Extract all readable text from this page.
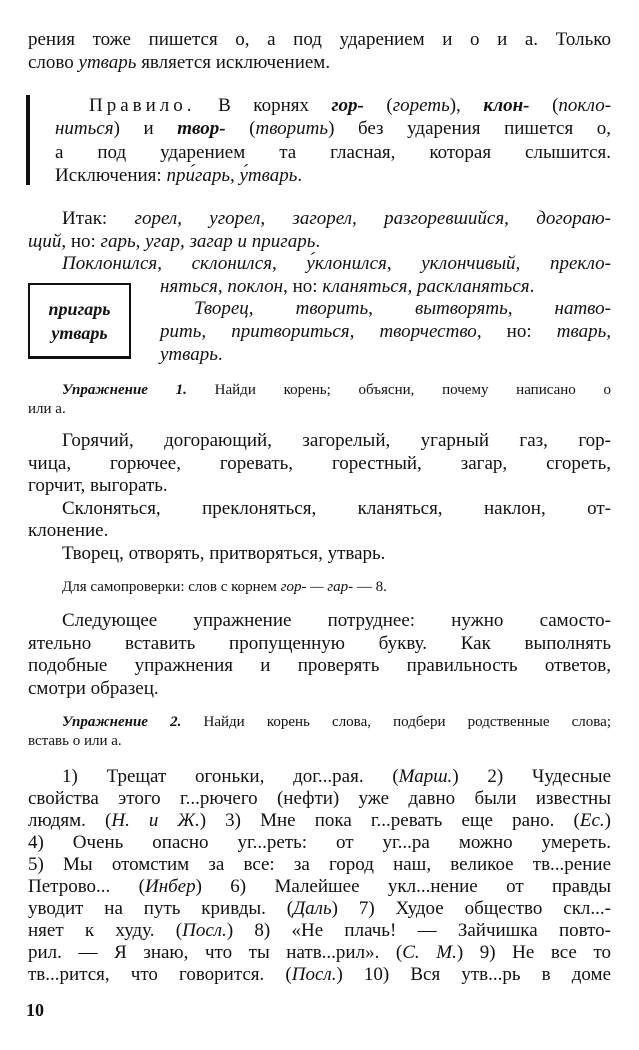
рения тоже пишется о, а под ударением и о и а. Только
слово утварь является исключением.
Правило. В корнях гор- (гореть), клон- (покло-
ниться) и твор- (творить) без ударения пишется о,
а под ударением та гласная, которая слышится.
Исключения: при́гарь, у́тварь.
Итак: горел, угорел, загорел, разгоревшийся, догораю-
щий, но: гарь, угар, загар и пригарь.
Поклонился, склонился, у́клонился, уклончивый, прекло-
няться, поклон, но: кланяться, раскланяться.
Творец, творить, вытворять, натво-
рить, притвориться, творчество, но: тварь,
утварь.
пригарь
утварь
Упражнение 1. Найди корень; объясни, почему написано о
или а.
Горячий, догорающий, загорелый, угарный газ, гор-
чица, горючее, горевать, горестный, загар, сгореть,
горчит, выгорать.
Склоняться, преклоняться, кланяться, наклон, от-
клонение.
Творец, отворять, притворяться, утварь.
Для самопроверки: слов с корнем гор- — гар- — 8.
Следующее упражнение потруднее: нужно самосто-
ятельно вставить пропущенную букву. Как выполнять
подобные упражнения и проверять правильность ответов,
смотри образец.
Упражнение 2. Найди корень слова, подбери родственные слова;
вставь о или а.
1) Трещат огоньки, дог...рая. (Марш.) 2) Чудесные
свойства этого г...рючего (нефти) уже давно были известны
людям. (Н. и Ж.) 3) Мне пока г...ревать еще рано. (Ес.)
4) Очень опасно уг...реть: от уг...ра можно умереть.
5) Мы отомстим за все: за город наш, великое тв...рение
Петрово... (Инбер) 6) Малейшее укл...нение от правды
уводит на путь кривды. (Даль) 7) Худое общество скл...-
няет к худу. (Посл.) 8) «Не плачь! — Зайчишка повто-
рил. — Я знаю, что ты натв...рил». (С. М.) 9) Не все то
тв...рится, что говорится. (Посл.) 10) Вся утв...рь в доме
10
